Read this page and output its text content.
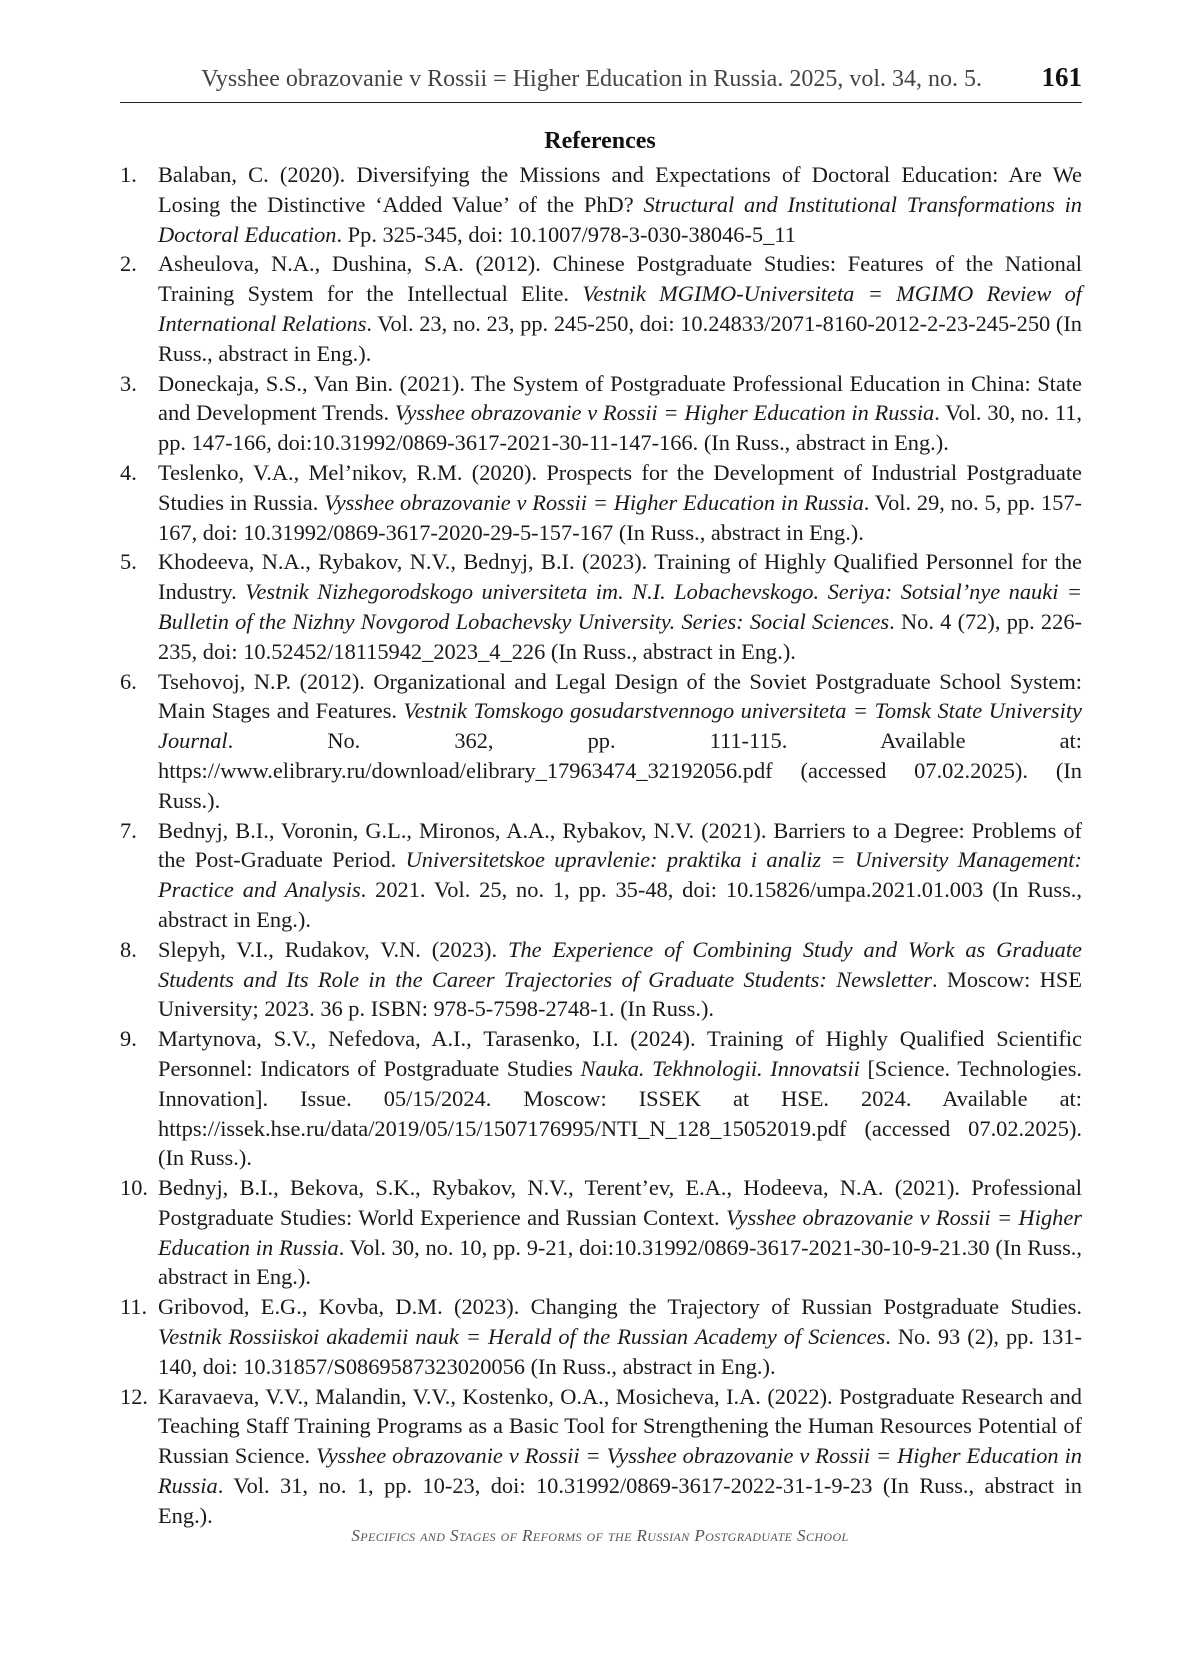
Vysshee obrazovanie v Rossii = Higher Education in Russia. 2025, vol. 34, no. 5. 161
References
1. Balaban, C. (2020). Diversifying the Missions and Expectations of Doctoral Education: Are We Losing the Distinctive ‘Added Value’ of the PhD? Structural and Institutional Transformations in Doctoral Education. Pp. 325-345, doi: 10.1007/978-3-030-38046-5_11
2. Asheulova, N.A., Dushina, S.A. (2012). Chinese Postgraduate Studies: Features of the National Training System for the Intellectual Elite. Vestnik MGIMO-Universiteta = MGIMO Review of International Relations. Vol. 23, no. 23, pp. 245-250, doi: 10.24833/2071-8160-2012-2-23-245-250 (In Russ., abstract in Eng.).
3. Doneckaja, S.S., Van Bin. (2021). The System of Postgraduate Professional Education in China: State and Development Trends. Vysshee obrazovanie v Rossii = Higher Education in Russia. Vol. 30, no. 11, pp. 147-166, doi:10.31992/0869-3617-2021-30-11-147-166. (In Russ., abstract in Eng.).
4. Teslenko, V.A., Mel’nikov, R.M. (2020). Prospects for the Development of Industrial Postgraduate Studies in Russia. Vysshee obrazovanie v Rossii = Higher Education in Russia. Vol. 29, no. 5, pp. 157-167, doi: 10.31992/0869-3617-2020-29-5-157-167 (In Russ., abstract in Eng.).
5. Khodeeva, N.A., Rybakov, N.V., Bednyj, B.I. (2023). Training of Highly Qualified Personnel for the Industry. Vestnik Nizhegorodskogo universiteta im. N.I. Lobachevskogo. Seriya: Sotsial’nye nauki = Bulletin of the Nizhny Novgorod Lobachevsky University. Series: Social Sciences. No. 4 (72), pp. 226-235, doi: 10.52452/18115942_2023_4_226 (In Russ., abstract in Eng.).
6. Tsehovoj, N.P. (2012). Organizational and Legal Design of the Soviet Postgraduate School System: Main Stages and Features. Vestnik Tomskogo gosudarstvennogo universiteta = Tomsk State University Journal. No. 362, pp. 111-115. Available at: https://www.elibrary.ru/download/elibrary_17963474_32192056.pdf (accessed 07.02.2025). (In Russ.).
7. Bednyj, B.I., Voronin, G.L., Mironos, A.A., Rybakov, N.V. (2021). Barriers to a Degree: Problems of the Post-Graduate Period. Universitetskoe upravlenie: praktika i analiz = University Management: Practice and Analysis. 2021. Vol. 25, no. 1, pp. 35-48, doi: 10.15826/umpa.2021.01.003 (In Russ., abstract in Eng.).
8. Slepyh, V.I., Rudakov, V.N. (2023). The Experience of Combining Study and Work as Graduate Students and Its Role in the Career Trajectories of Graduate Students: Newsletter. Moscow: HSE University; 2023. 36 p. ISBN: 978-5-7598-2748-1. (In Russ.).
9. Martynova, S.V., Nefedova, A.I., Tarasenko, I.I. (2024). Training of Highly Qualified Scientific Personnel: Indicators of Postgraduate Studies Nauka. Tekhnologii. Innovatsii [Science. Technologies. Innovation]. Issue. 05/15/2024. Moscow: ISSEK at HSE. 2024. Available at: https://issek.hse.ru/data/2019/05/15/1507176995/NTI_N_128_15052019.pdf (accessed 07.02.2025). (In Russ.).
10. Bednyj, B.I., Bekova, S.K., Rybakov, N.V., Terent’ev, E.A., Hodeeva, N.A. (2021). Professional Postgraduate Studies: World Experience and Russian Context. Vysshee obrazovanie v Rossii = Higher Education in Russia. Vol. 30, no. 10, pp. 9-21, doi:10.31992/0869-3617-2021-30-10-9-21.30 (In Russ., abstract in Eng.).
11. Gribovod, E.G., Kovba, D.M. (2023). Changing the Trajectory of Russian Postgraduate Studies. Vestnik Rossiiskoi akademii nauk = Herald of the Russian Academy of Sciences. No. 93 (2), pp. 131-140, doi: 10.31857/S0869587323020056 (In Russ., abstract in Eng.).
12. Karavaeva, V.V., Malandin, V.V., Kostenko, O.A., Mosicheva, I.A. (2022). Postgraduate Research and Teaching Staff Training Programs as a Basic Tool for Strengthening the Human Resources Potential of Russian Science. Vysshee obrazovanie v Rossii = Vysshee obrazovanie v Rossii = Higher Education in Russia. Vol. 31, no. 1, pp. 10-23, doi: 10.31992/0869-3617-2022-31-1-9-23 (In Russ., abstract in Eng.).
Specifics and Stages of Reforms of the Russian Postgraduate School
